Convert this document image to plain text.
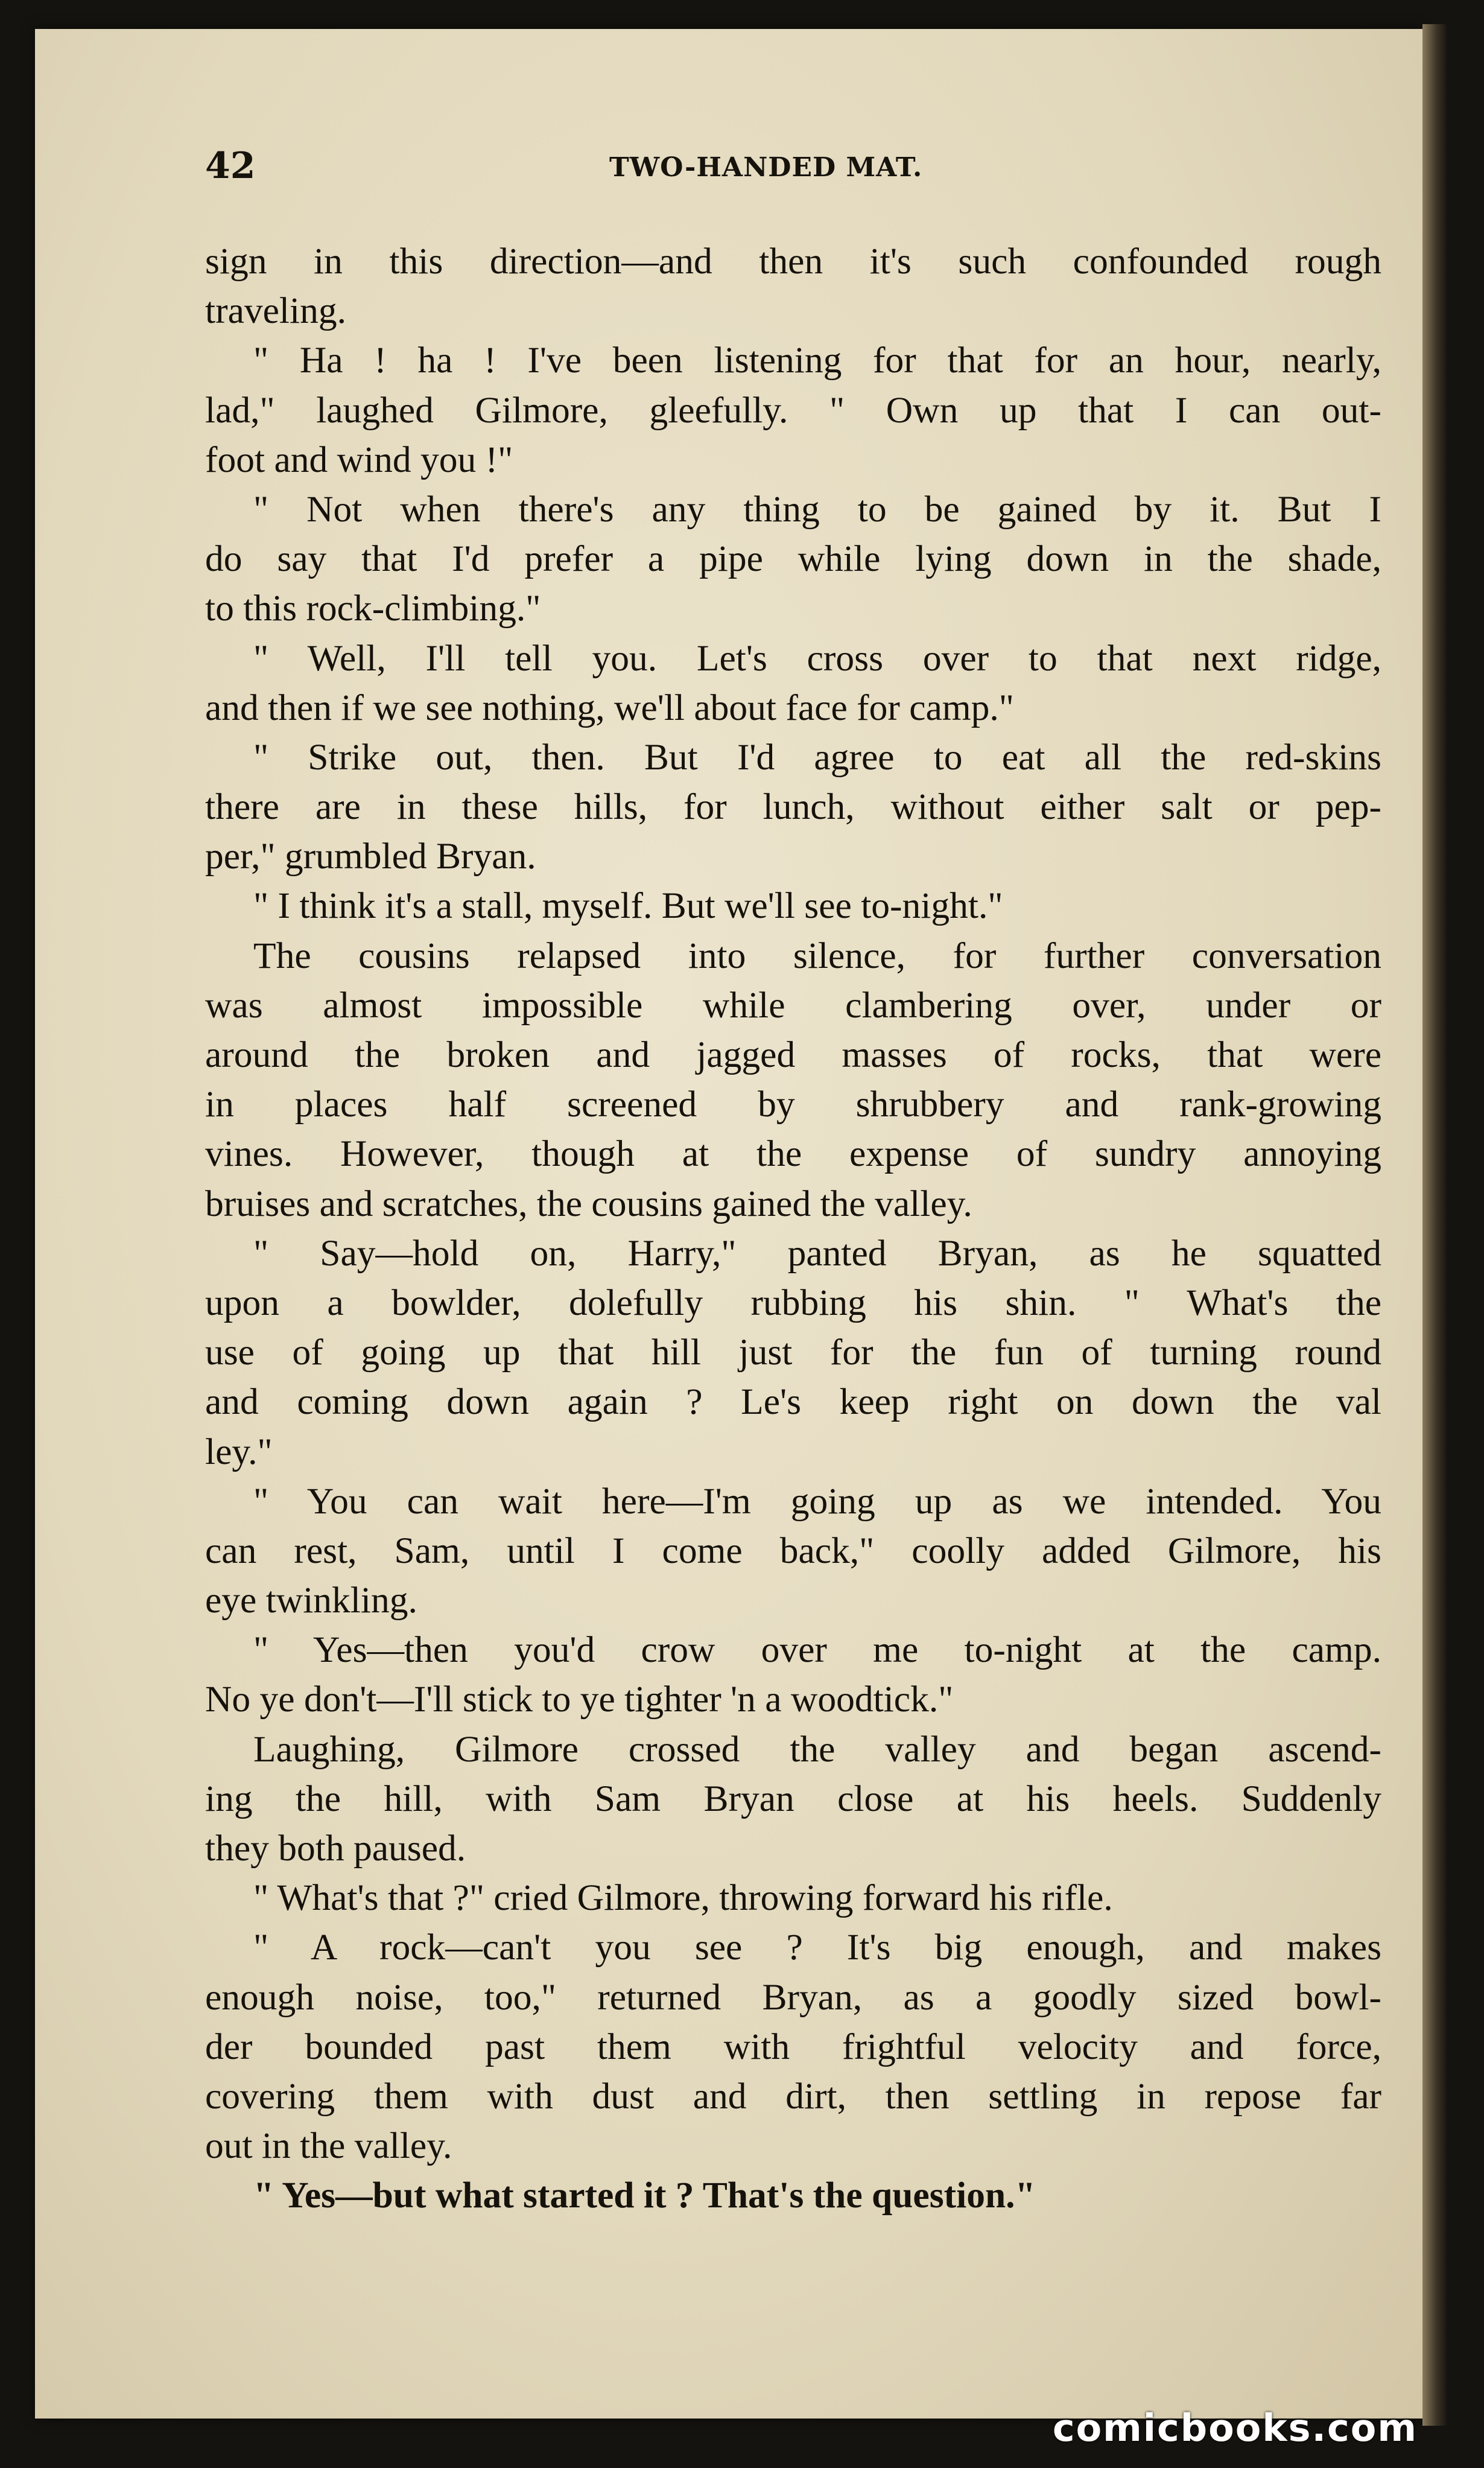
42	TWO-HANDED MAT.
sign in this direction—and then it's such confounded rough
traveling.
" Ha ! ha ! I've been listening for that for an hour, nearly,
lad," laughed Gilmore, gleefully. " Own up that I can out-
foot and wind you !"
" Not when there's any thing to be gained by it. But I
do say that I'd prefer a pipe while lying down in the shade,
to this rock-climbing."
" Well, I'll tell you. Let's cross over to that next ridge,
and then if we see nothing, we'll about face for camp."
" Strike out, then. But I'd agree to eat all the red-skins
there are in these hills, for lunch, without either salt or pep-
per," grumbled Bryan.
" I think it's a stall, myself. But we'll see to-night."
The cousins relapsed into silence, for further conversation
was almost impossible while clambering over, under or
around the broken and jagged masses of rocks, that were
in places half screened by shrubbery and rank-growing
vines. However, though at the expense of sundry annoying
bruises and scratches, the cousins gained the valley.
" Say—hold on, Harry," panted Bryan, as he squatted
upon a bowlder, dolefully rubbing his shin. " What's the
use of going up that hill just for the fun of turning round
and coming down again ? Le's keep right on down the val
ley."
" You can wait here—I'm going up as we intended. You
can rest, Sam, until I come back," coolly added Gilmore, his
eye twinkling.
" Yes—then you'd crow over me to-night at the camp.
No ye don't—I'll stick to ye tighter 'n a woodtick."
Laughing, Gilmore crossed the valley and began ascend-
ing the hill, with Sam Bryan close at his heels. Suddenly
they both paused.
" What's that ?" cried Gilmore, throwing forward his rifle.
" A rock—can't you see ? It's big enough, and makes
enough noise, too," returned Bryan, as a goodly sized bowl-
der bounded past them with frightful velocity and force,
covering them with dust and dirt, then settling in repose far
out in the valley.
" Yes—but what started it ? That's the question."
comicbooks.com
